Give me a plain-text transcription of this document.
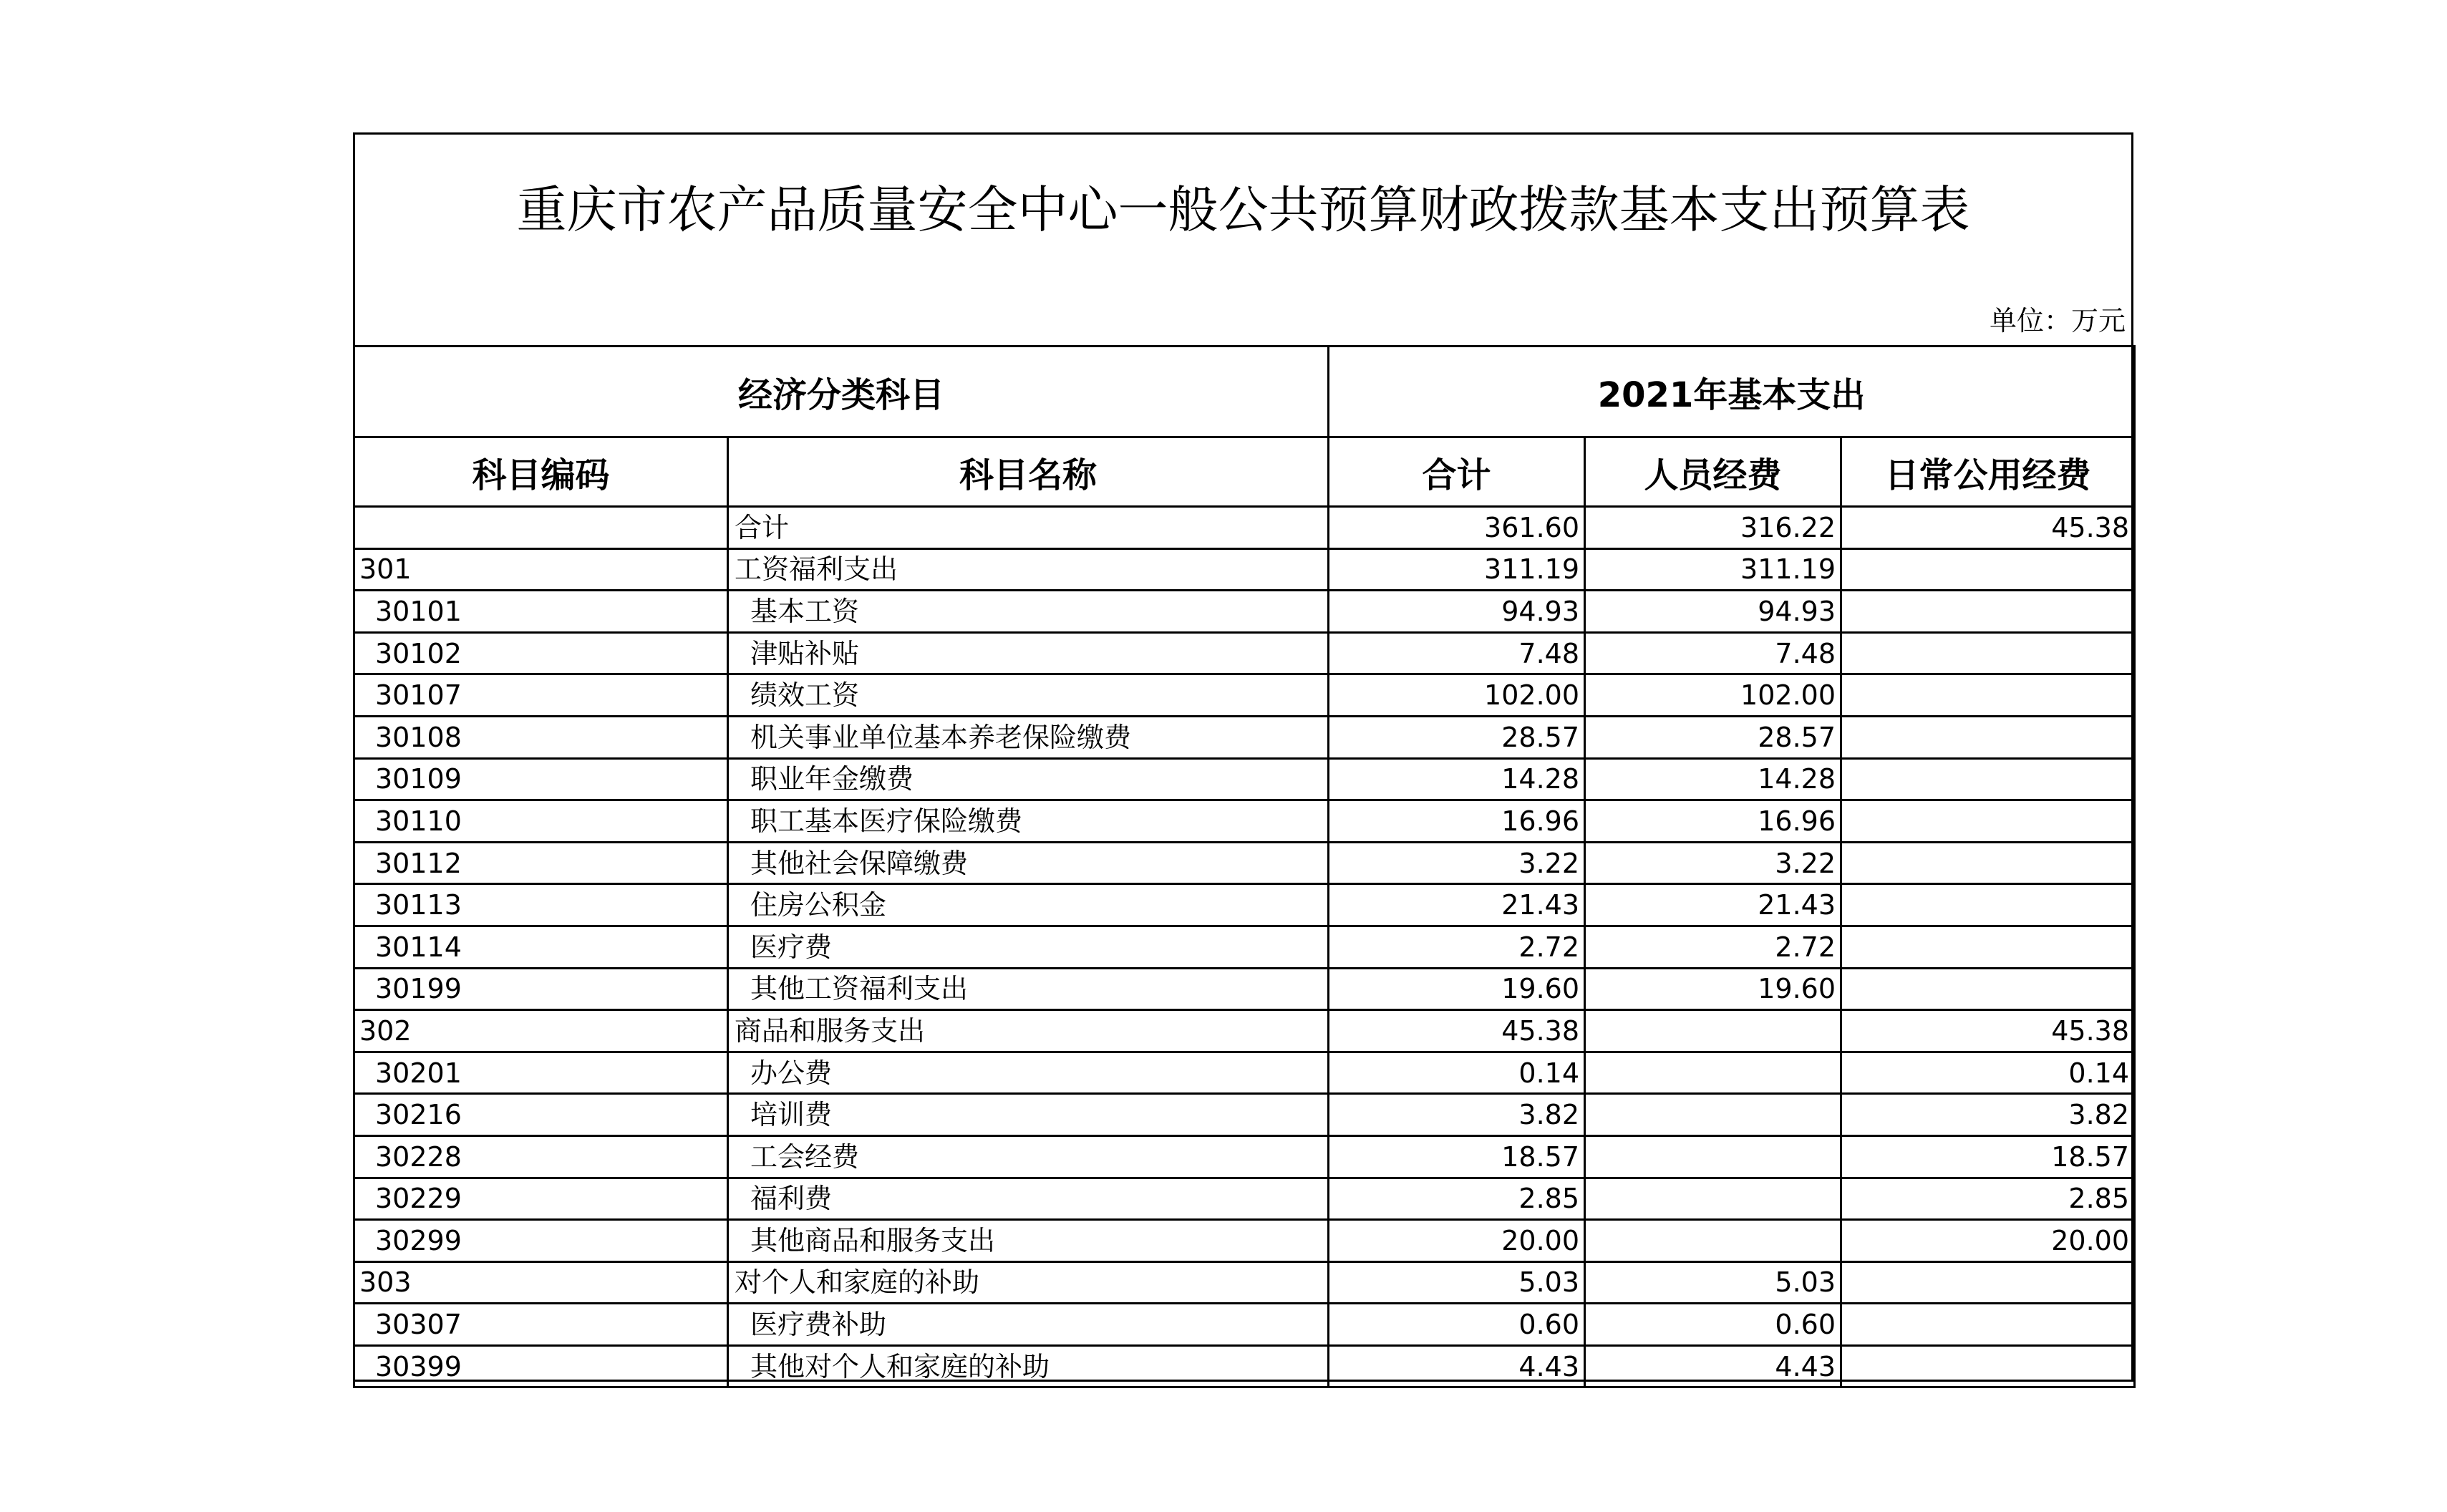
重庆市农产品质量安全中心一般公共预算财政拨款基本支出预算表
单位：万元
经济分类科目		2021年基本支出		
科目编码	科目名称	合计	人员经费	日常公用经费
	合计	361.60	316.22	45.38
301	工资福利支出	311.19	311.19	
30101	基本工资	94.93	94.93	
30102	津贴补贴	7.48	7.48	
30107	绩效工资	102.00	102.00	
30108	机关事业单位基本养老保险缴费	28.57	28.57	
30109	职业年金缴费	14.28	14.28	
30110	职工基本医疗保险缴费	16.96	16.96	
30112	其他社会保障缴费	3.22	3.22	
30113	住房公积金	21.43	21.43	
30114	医疗费	2.72	2.72	
30199	其他工资福利支出	19.60	19.60	
302	商品和服务支出	45.38		45.38
30201	办公费	0.14		0.14
30216	培训费	3.82		3.82
30228	工会经费	18.57		18.57
30229	福利费	2.85		2.85
30299	其他商品和服务支出	20.00		20.00
303	对个人和家庭的补助	5.03	5.03	
30307	医疗费补助	0.60	0.60	
30399	其他对个人和家庭的补助	4.43	4.43	
